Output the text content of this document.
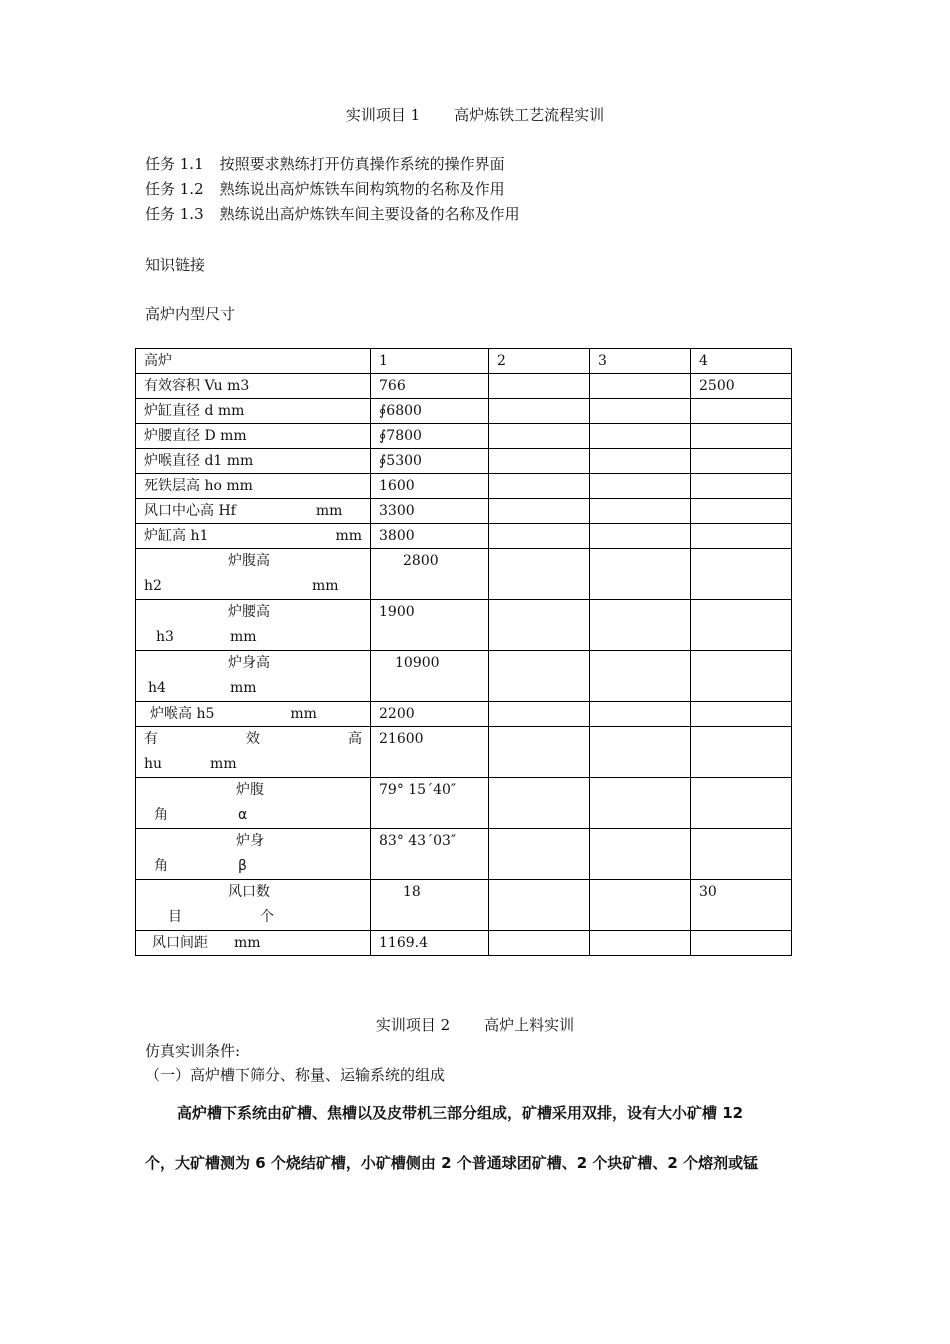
实训项目 1 高炉炼铁工艺流程实训
任务 1.1 按照要求熟练打开仿真操作系统的操作界面
任务 1.2 熟练说出高炉炼铁车间构筑物的名称及作用
任务 1.3 熟练说出高炉炼铁车间主要设备的名称及作用
知识链接
高炉内型尺寸
高炉	1	2	3	4
有效容积 Vu m3	766			2500
炉缸直径 d mm	∮6800			
炉腰直径 D mm	∮7800			
炉喉直径 d1 mm	∮5300			
死铁层高 ho mm	1600			
风口中心高 Hf mm	3300			
炉缸高 h1 mm	3800			

炉腹高
h2 mm	2800			

炉腰高
h3 mm	1900			

炉身高
h4 mm	10900			
炉喉高 h5 mm	2200			

有 效 高
hu mm	21600			

炉腹
角 α	79° 15´40″			

炉身
角 β	83° 43´03″			

风口数
目 个	18			30
风口间距 mm	1169.4			
实训项目 2 高炉上料实训
仿真实训条件:
（一）高炉槽下筛分、称量、运输系统的组成
高炉槽下系统由矿槽、焦槽以及皮带机三部分组成，矿槽采用双排，设有大小矿槽 12
个，大矿槽测为 6 个烧结矿槽，小矿槽侧由 2 个普通球团矿槽、2 个块矿槽、2 个熔剂或锰
